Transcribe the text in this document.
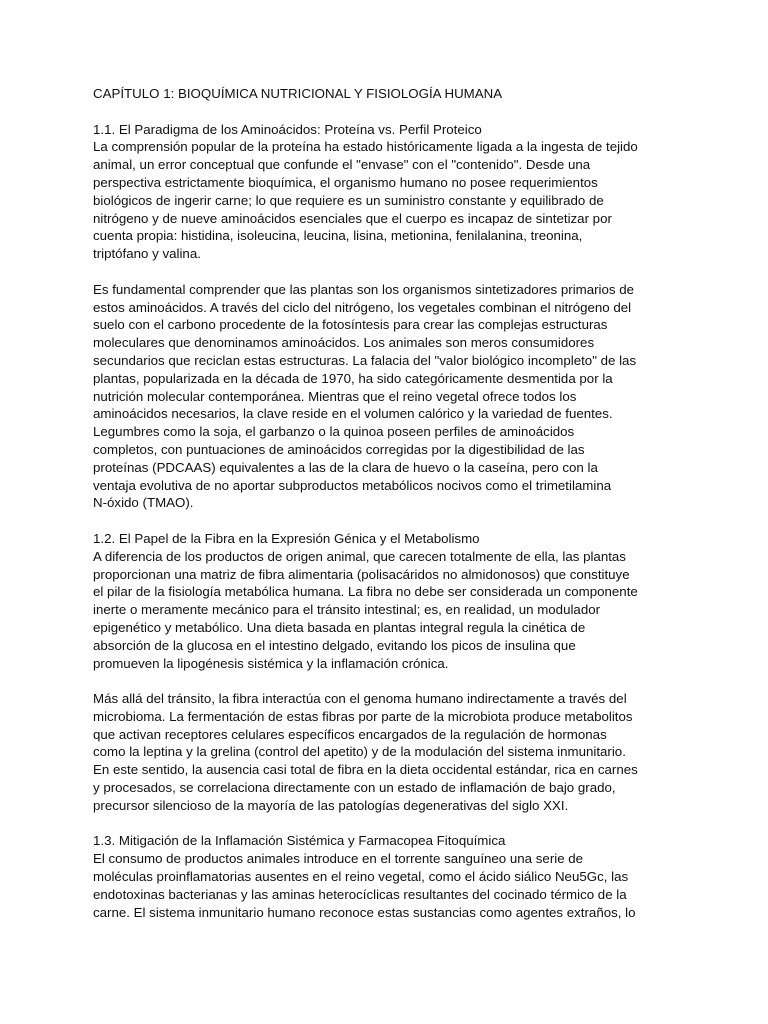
CAPÍTULO 1: BIOQUÍMICA NUTRICIONAL Y FISIOLOGÍA HUMANA
1.1. El Paradigma de los Aminoácidos: Proteína vs. Perfil Proteico
La comprensión popular de la proteína ha estado históricamente ligada a la ingesta de tejido
animal, un error conceptual que confunde el "envase" con el "contenido". Desde una
perspectiva estrictamente bioquímica, el organismo humano no posee requerimientos
biológicos de ingerir carne; lo que requiere es un suministro constante y equilibrado de
nitrógeno y de nueve aminoácidos esenciales que el cuerpo es incapaz de sintetizar por
cuenta propia: histidina, isoleucina, leucina, lisina, metionina, fenilalanina, treonina,
triptófano y valina.
Es fundamental comprender que las plantas son los organismos sintetizadores primarios de
estos aminoácidos. A través del ciclo del nitrógeno, los vegetales combinan el nitrógeno del
suelo con el carbono procedente de la fotosíntesis para crear las complejas estructuras
moleculares que denominamos aminoácidos. Los animales son meros consumidores
secundarios que reciclan estas estructuras. La falacia del "valor biológico incompleto" de las
plantas, popularizada en la década de 1970, ha sido categóricamente desmentida por la
nutrición molecular contemporánea. Mientras que el reino vegetal ofrece todos los
aminoácidos necesarios, la clave reside en el volumen calórico y la variedad de fuentes.
Legumbres como la soja, el garbanzo o la quinoa poseen perfiles de aminoácidos
completos, con puntuaciones de aminoácidos corregidas por la digestibilidad de las
proteínas (PDCAAS) equivalentes a las de la clara de huevo o la caseína, pero con la
ventaja evolutiva de no aportar subproductos metabólicos nocivos como el trimetilamina
N-óxido (TMAO).
1.2. El Papel de la Fibra en la Expresión Génica y el Metabolismo
A diferencia de los productos de origen animal, que carecen totalmente de ella, las plantas
proporcionan una matriz de fibra alimentaria (polisacáridos no almidonosos) que constituye
el pilar de la fisiología metabólica humana. La fibra no debe ser considerada un componente
inerte o meramente mecánico para el tránsito intestinal; es, en realidad, un modulador
epigenético y metabólico. Una dieta basada en plantas integral regula la cinética de
absorción de la glucosa en el intestino delgado, evitando los picos de insulina que
promueven la lipogénesis sistémica y la inflamación crónica.
Más allá del tránsito, la fibra interactúa con el genoma humano indirectamente a través del
microbioma. La fermentación de estas fibras por parte de la microbiota produce metabolitos
que activan receptores celulares específicos encargados de la regulación de hormonas
como la leptina y la grelina (control del apetito) y de la modulación del sistema inmunitario.
En este sentido, la ausencia casi total de fibra en la dieta occidental estándar, rica en carnes
y procesados, se correlaciona directamente con un estado de inflamación de bajo grado,
precursor silencioso de la mayoría de las patologías degenerativas del siglo XXI.
1.3. Mitigación de la Inflamación Sistémica y Farmacopea Fitoquímica
El consumo de productos animales introduce en el torrente sanguíneo una serie de
moléculas proinflamatorias ausentes en el reino vegetal, como el ácido siálico Neu5Gc, las
endotoxinas bacterianas y las aminas heterocíclicas resultantes del cocinado térmico de la
carne. El sistema inmunitario humano reconoce estas sustancias como agentes extraños, lo
